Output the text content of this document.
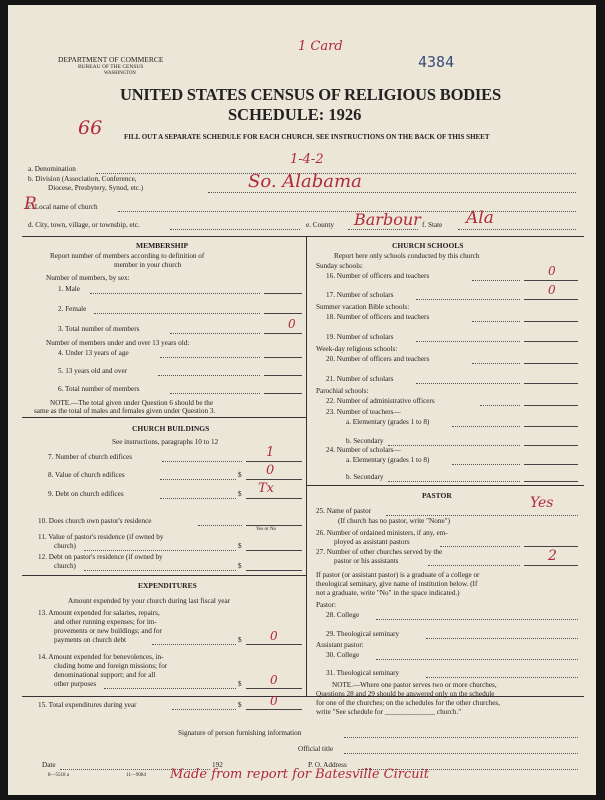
DEPARTMENT OF COMMERCE
BUREAU OF THE CENSUS
WASHINGTON
4384
UNITED STATES CENSUS OF RELIGIOUS BODIES
SCHEDULE: 1926
FILL OUT A SEPARATE SCHEDULE FOR EACH CHURCH. SEE INSTRUCTIONS ON THE BACK OF THIS SHEET
1 Card
66
a. Denomination
1-4-2
b. Division (Association, Conference,
Diocese, Presbytery, Synod, etc.)	So. Alabama
c. Local name of church
d. City, town, village, or township, etc.	e. County Barbour f. State Ala
R
MEMBERSHIP
Report number of members according to definition of
member in your church
Number of members, by sex:
1. Male
2. Female
3. Total number of members	0
Number of members under and over 13 years old:
4. Under 13 years of age
5. 13 years old and over
6. Total number of members
NOTE.—The total given under Question 6 should be the
same as the total of males and females given under Question 3.
CHURCH BUILDINGS
See instructions, paragraphs 10 to 12
7. Number of church edifices	1
8. Value of church edifices	$ 0
9. Debt on church edifices	$ Tx
10. Does church own pastor's residence
Yes or No
11. Value of pastor's residence (if owned by
church)	$
12. Debt on pastor's residence (if owned by
church)	$
EXPENDITURES
Amount expended by your church during last fiscal year
13. Amount expended for salaries, repairs,
and other running expenses; for im-
provements or new buildings; and for
payments on church debt	$ 0
14. Amount expended for benevolences, in-
cluding home and foreign missions; for
denominational support; and for all
other purposes	$ 0
15. Total expenditures during year	$ 0
CHURCH SCHOOLS
Report here only schools conducted by this church
Sunday schools:
16. Number of officers and teachers	0
17. Number of scholars	0
Summer vacation Bible schools:
18. Number of officers and teachers
19. Number of scholars
Week-day religious schools:
20. Number of officers and teachers
21. Number of scholars
Parochial schools:
22. Number of administrative officers
23. Number of teachers—
a. Elementary (grades 1 to 8)
b. Secondary
24. Number of scholars—
a. Elementary (grades 1 to 8)
b. Secondary
PASTOR
25. Name of pastor	Yes
(If church has no pastor, write "None")
26. Number of ordained ministers, if any, em-
ployed as assistant pastors
27. Number of other churches served by the
pastor or his assistants	2
If pastor (or assistant pastor) is a graduate of a college or
theological seminary, give name of institution below. (If
not a graduate, write "No" in the space indicated.)
Pastor:
28. College
29. Theological seminary
Assistant pastor:
30. College
31. Theological seminary
NOTE.—Where one pastor serves two or more churches,
Questions 28 and 29 should be answered only on the schedule
for one of the churches; on the schedules for the other churches,
write "See schedule for ______________ church."
Signature of person furnishing information
Official title
Date	192	P. O. Address
8—5518 a	11—9084 Made from report for Batesville Circuit
